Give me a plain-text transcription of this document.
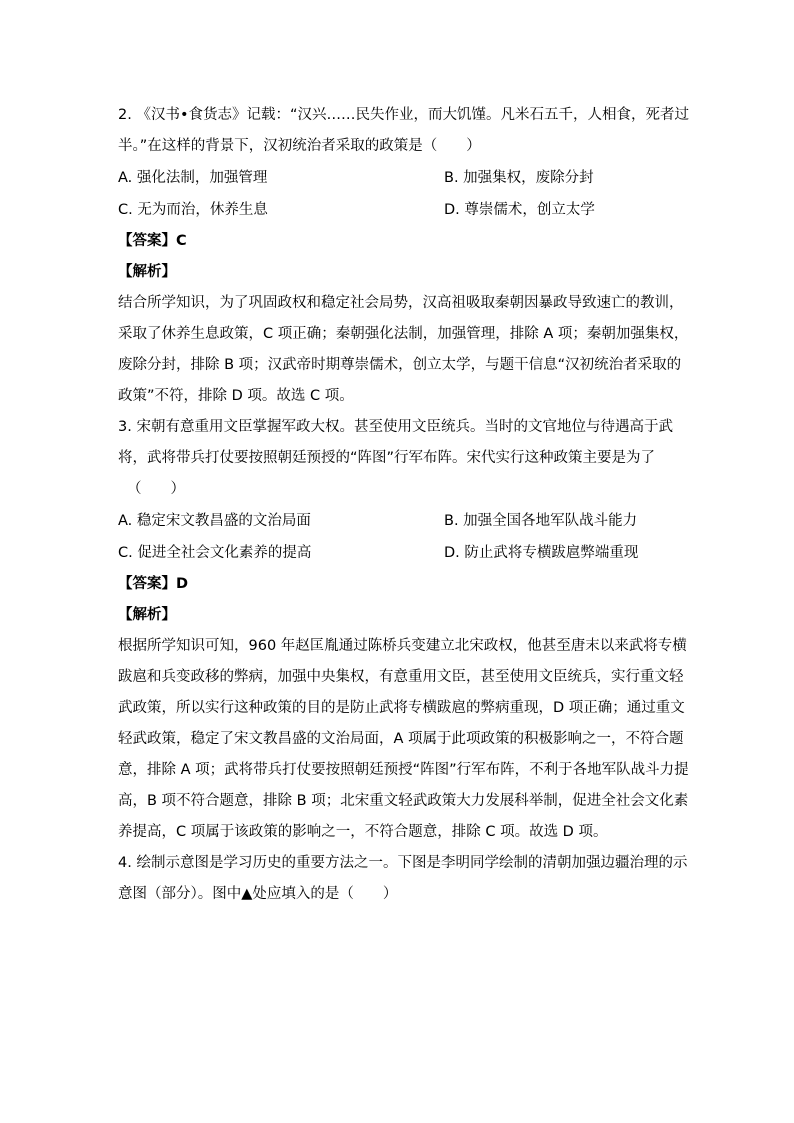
2. 《汉书•食货志》记载：“汉兴……民失作业，而大饥馑。凡米石五千，人相食，死者过
半。”在这样的背景下，汉初统治者采取的政策是（　　）
A. 强化法制，加强管理	B. 加强集权，废除分封
C. 无为而治，休养生息	D. 尊崇儒术，创立太学
【答案】C
【解析】
结合所学知识，为了巩固政权和稳定社会局势，汉高祖吸取秦朝因暴政导致速亡的教训，
采取了休养生息政策，C 项正确；秦朝强化法制，加强管理，排除 A 项；秦朝加强集权，
废除分封，排除 B 项；汉武帝时期尊崇儒术，创立太学，与题干信息“汉初统治者采取的
政策”不符，排除 D 项。故选 C 项。
3. 宋朝有意重用文臣掌握军政大权。甚至使用文臣统兵。当时的文官地位与待遇高于武
将，武将带兵打仗要按照朝廷预授的“阵图”行军布阵。宋代实行这种政策主要是为了
（　　）
A. 稳定宋文教昌盛的文治局面	B. 加强全国各地军队战斗能力
C. 促进全社会文化素养的提高	D. 防止武将专横跋扈弊端重现
【答案】D
【解析】
根据所学知识可知，960 年赵匡胤通过陈桥兵变建立北宋政权，他甚至唐末以来武将专横
跋扈和兵变政移的弊病，加强中央集权，有意重用文臣，甚至使用文臣统兵，实行重文轻
武政策，所以实行这种政策的目的是防止武将专横跋扈的弊病重现，D 项正确；通过重文
轻武政策，稳定了宋文教昌盛的文治局面，A 项属于此项政策的积极影响之一，不符合题
意，排除 A 项；武将带兵打仗要按照朝廷预授“阵图”行军布阵，不利于各地军队战斗力提
高，B 项不符合题意，排除 B 项；北宋重文轻武政策大力发展科举制，促进全社会文化素
养提高，C 项属于该政策的影响之一，不符合题意，排除 C 项。故选 D 项。
4. 绘制示意图是学习历史的重要方法之一。下图是李明同学绘制的清朝加强边疆治理的示
意图（部分）。图中▲处应填入的是（　　）
